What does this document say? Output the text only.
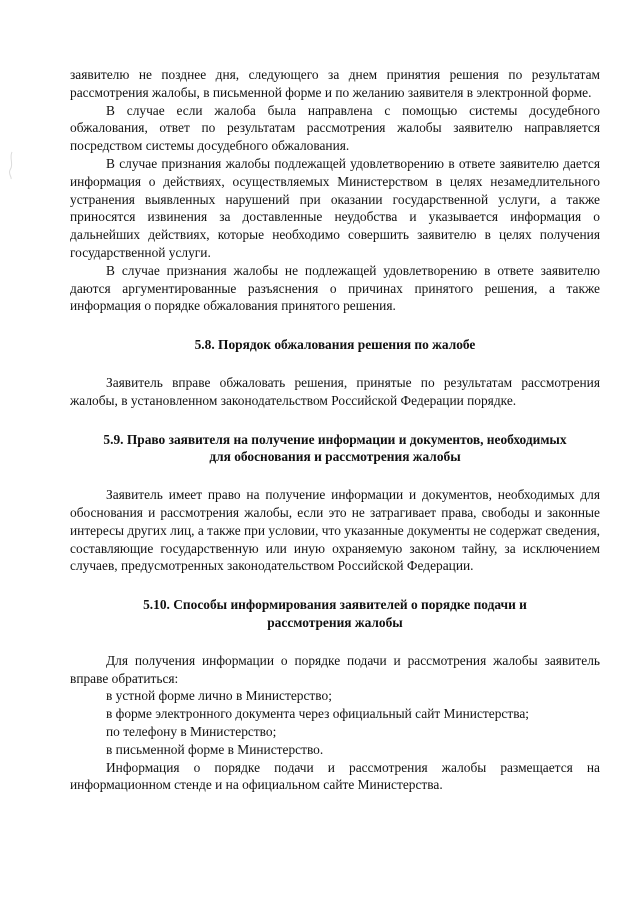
заявителю не позднее дня, следующего за днем принятия решения по результатам рассмотрения жалобы, в письменной форме и по желанию заявителя в электронной форме.

В случае если жалоба была направлена с помощью системы досудебного обжалования, ответ по результатам рассмотрения жалобы заявителю направляется посредством системы досудебного обжалования.

В случае признания жалобы подлежащей удовлетворению в ответе заявителю дается информация о действиях, осуществляемых Министерством в целях незамедлительного устранения выявленных нарушений при оказании государственной услуги, а также приносятся извинения за доставленные неудобства и указывается информация о дальнейших действиях, которые необходимо совершить заявителю в целях получения государственной услуги.

В случае признания жалобы не подлежащей удовлетворению в ответе заявителю даются аргументированные разъяснения о причинах принятого решения, а также информация о порядке обжалования принятого решения.

5.8. Порядок обжалования решения по жалобе

Заявитель вправе обжаловать решения, принятые по результатам рассмотрения жалобы, в установленном законодательством Российской Федерации порядке.

5.9. Право заявителя на получение информации и документов, необходимых

для обоснования и рассмотрения жалобы

Заявитель имеет право на получение информации и документов, необходимых для обоснования и рассмотрения жалобы, если это не затрагивает права, свободы и законные интересы других лиц, а также при условии, что указанные документы не содержат сведения, составляющие государственную или иную охраняемую законом тайну, за исключением случаев, предусмотренных законодательством Российской Федерации.

5.10. Способы информирования заявителей о порядке подачи и

рассмотрения жалобы

Для получения информации о порядке подачи и рассмотрения жалобы заявитель вправе обратиться:

в устной форме лично в Министерство;

в форме электронного документа через официальный сайт Министерства;

по телефону в Министерство;

в письменной форме в Министерство.

Информация о порядке подачи и рассмотрения жалобы размещается на информационном стенде и на официальном сайте Министерства.
